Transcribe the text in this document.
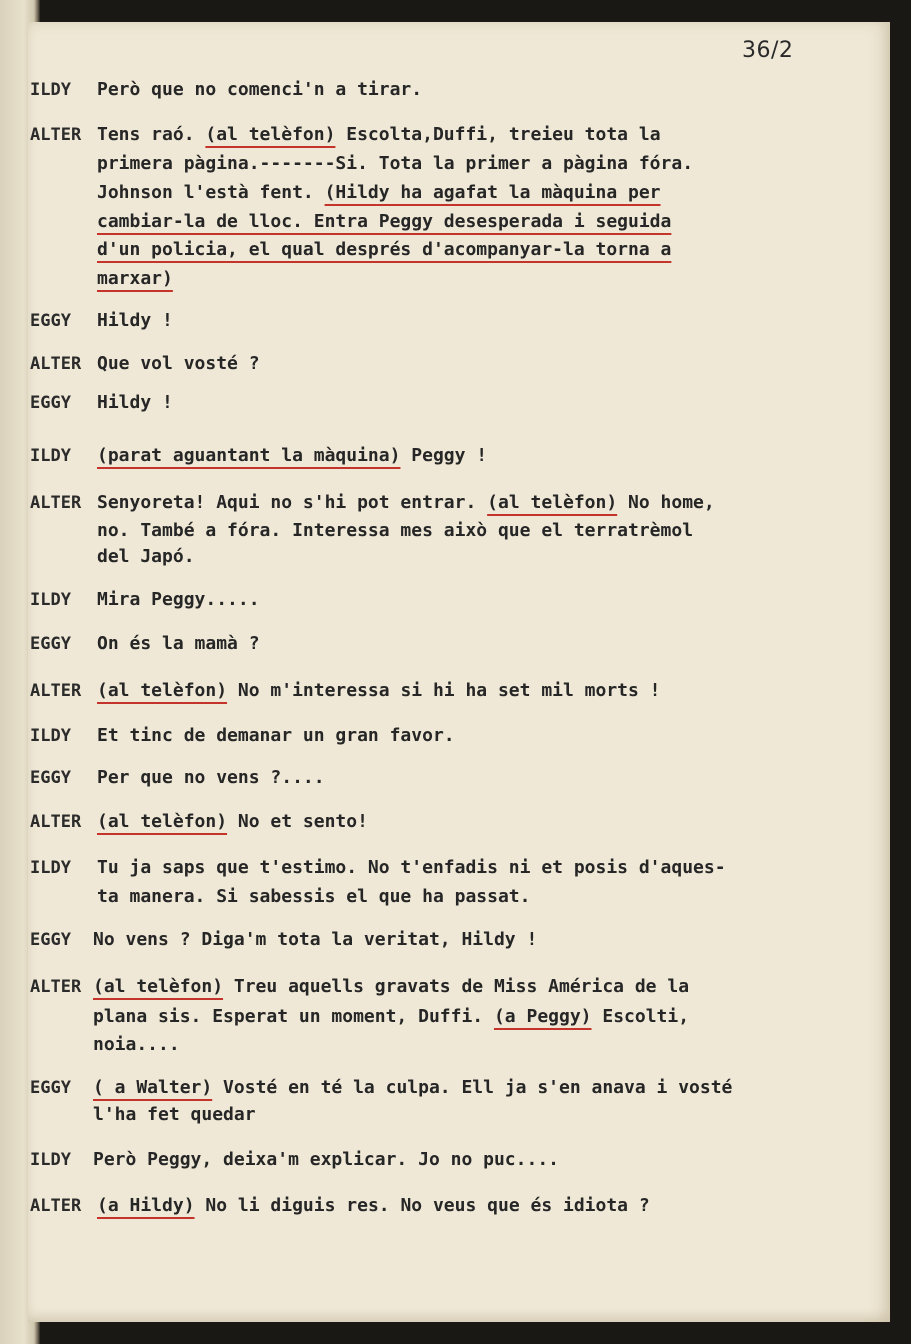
36/2
ILDY Però que no comenci'n a tirar.
ALTER Tens raó. (al telèfon) Escolta,Duffi, treieu tota la
primera pàgina.-------Si. Tota la primer a pàgina fóra.
Johnson l'està fent. (Hildy ha agafat la màquina per
cambiar-la de lloc. Entra Peggy desesperada i seguida
d'un policia, el qual després d'acompanyar-la torna a
marxar)
EGGY Hildy !
ALTER Que vol vosté ?
EGGY Hildy !
ILDY (parat aguantant la màquina) Peggy !
ALTER Senyoreta! Aqui no s'hi pot entrar. (al telèfon) No home,
no. També a fóra. Interessa mes això que el terratrèmol
del Japó.
ILDY Mira Peggy.....
EGGY On és la mamà ?
ALTER (al telèfon) No m'interessa si hi ha set mil morts !
ILDY Et tinc de demanar un gran favor.
EGGY Per que no vens ?....
ALTER (al telèfon) No et sento!
ILDY Tu ja saps que t'estimo. No t'enfadis ni et posis d'aques-
ta manera. Si sabessis el que ha passat.
EGGY No vens ? Diga'm tota la veritat, Hildy !
ALTER (al telèfon) Treu aquells gravats de Miss América de la
plana sis. Esperat un moment, Duffi. (a Peggy) Escolti,
noia....
EGGY ( a Walter) Vosté en té la culpa. Ell ja s'en anava i vosté
l'ha fet quedar
ILDY Però Peggy, deixa'm explicar. Jo no puc....
ALTER (a Hildy) No li diguis res. No veus que és idiota ?
